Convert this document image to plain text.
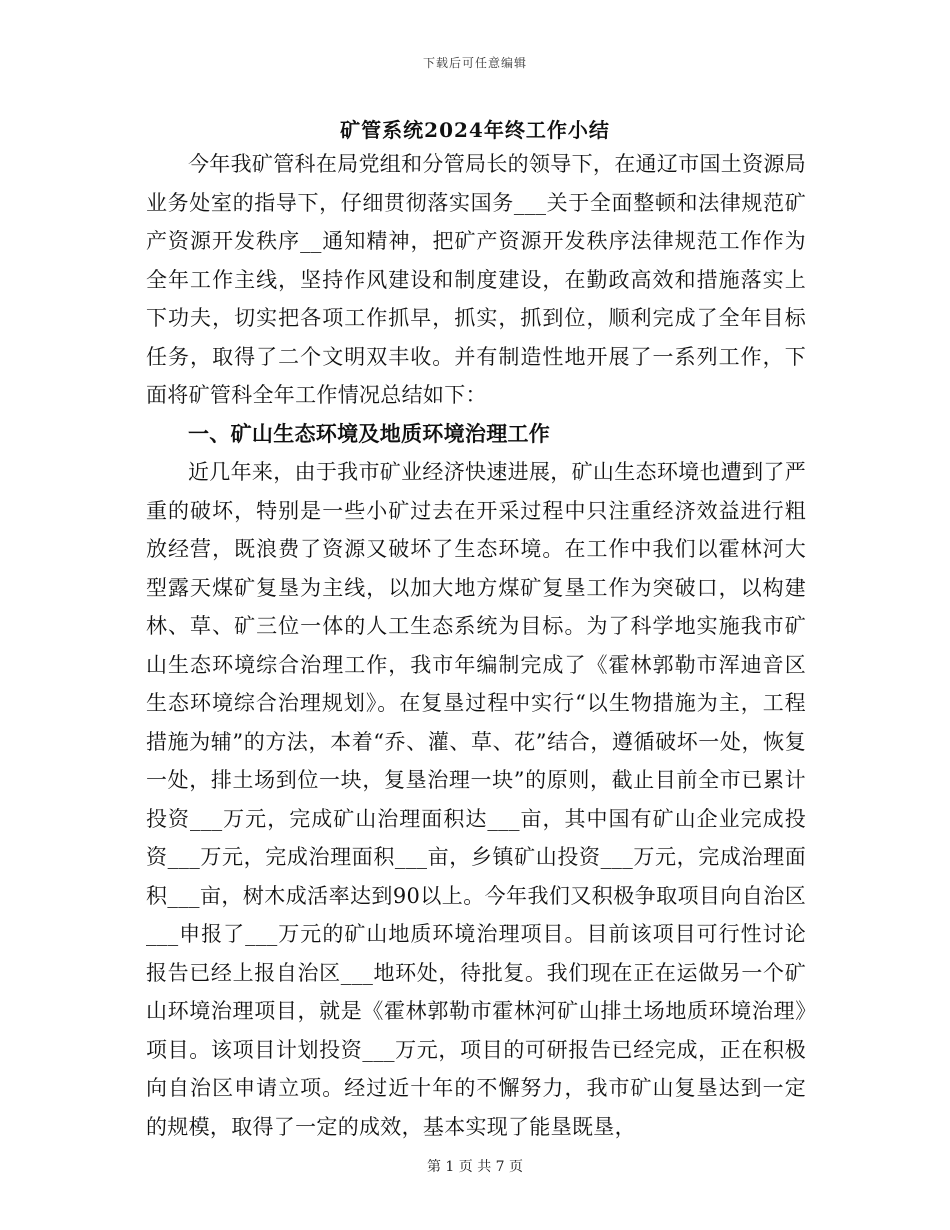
下载后可任意编辑
矿管系统2024年终工作小结

今年我矿管科在局党组和分管局长的领导下，在通辽市国土资源局业务处室的指导下，仔细贯彻落实国务___关于全面整顿和法律规范矿产资源开发秩序__通知精神，把矿产资源开发秩序法律规范工作作为全年工作主线，坚持作风建设和制度建设，在勤政高效和措施落实上下功夫，切实把各项工作抓早，抓实，抓到位，顺利完成了全年目标任务，取得了二个文明双丰收。并有制造性地开展了一系列工作，下面将矿管科全年工作情况总结如下：

一、矿山生态环境及地质环境治理工作

近几年来，由于我市矿业经济快速进展，矿山生态环境也遭到了严重的破坏，特别是一些小矿过去在开采过程中只注重经济效益进行粗放经营，既浪费了资源又破坏了生态环境。在工作中我们以霍林河大型露天煤矿复垦为主线，以加大地方煤矿复垦工作为突破口，以构建林、草、矿三位一体的人工生态系统为目标。为了科学地实施我市矿山生态环境综合治理工作，我市年编制完成了《霍林郭勒市浑迪音区生态环境综合治理规划》。在复垦过程中实行“以生物措施为主，工程措施为辅”的方法，本着“乔、灌、草、花”结合，遵循破坏一处，恢复一处，排土场到位一块，复垦治理一块”的原则，截止目前全市已累计投资___万元，完成矿山治理面积达___亩，其中国有矿山企业完成投资___万元，完成治理面积___亩，乡镇矿山投资___万元，完成治理面积___亩，树木成活率达到90以上。今年我们又积极争取项目向自治区___申报了___万元的矿山地质环境治理项目。目前该项目可行性讨论报告已经上报自治区___地环处，待批复。我们现在正在运做另一个矿山环境治理项目，就是《霍林郭勒市霍林河矿山排土场地质环境治理》项目。该项目计划投资___万元，项目的可研报告已经完成，正在积极向自治区申请立项。经过近十年的不懈努力，我市矿山复垦达到一定的规模，取得了一定的成效，基本实现了能垦既垦，

第 1 页 共 7 页
